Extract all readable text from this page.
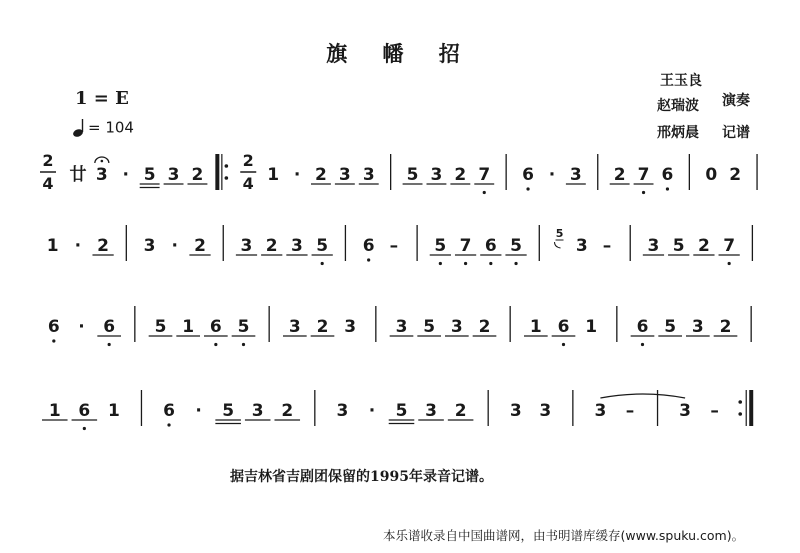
旗 幡 招
1 = E
= 104
王玉良
赵瑞波 演奏
邢炳晨 记谱
2
4 廿 3 · 5 3 2
2
4 1 · 2 3 3 5 3 2 7 6 · 3 2 7 6 0 2
1 · 2 3 · 2 3 2 3 5 6 – 5 7 6 5
5
3 – 3 5 2 7
6 · 6 5 1 6 5 3 2 3 3 5 3 2 1 6 1 6 5 3 2
1 6 1	6 · 5 3 2	3 · 5 3 2	3 3	3 –	3 –
据吉林省吉剧团保留的1995年录音记谱。
本乐谱收录自中国曲谱网，由书明谱库缓存(www.spuku.com)。
